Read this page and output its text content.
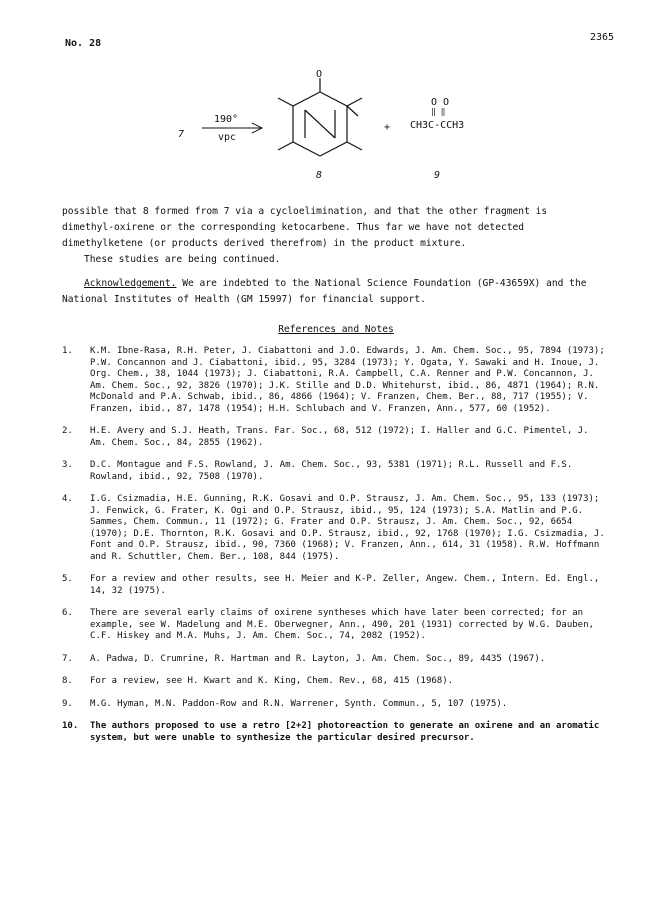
No. 28
2365
7
190°
vpc
O
8
+
O O
‖ ‖
CH3C-CCH3
9
possible that 8 formed from 7 via a cycloelimination, and that the other fragment is dimethyl-oxirene or the corresponding ketocarbene. Thus far we have not detected dimethylketene (or products derived therefrom) in the product mixture.
These studies are being continued.
Acknowledgement. We are indebted to the National Science Foundation (GP-43659X) and the National Institutes of Health (GM 15997) for financial support.
References and Notes
1.	K.M. Ibne-Rasa, R.H. Peter, J. Ciabattoni and J.O. Edwards, J. Am. Chem. Soc., 95, 7894 (1973); P.W. Concannon and J. Ciabattoni, ibid., 95, 3284 (1973); Y. Ogata, Y. Sawaki and H. Inoue, J. Org. Chem., 38, 1044 (1973); J. Ciabattoni, R.A. Campbell, C.A. Renner and P.W. Concannon, J. Am. Chem. Soc., 92, 3826 (1970); J.K. Stille and D.D. Whitehurst, ibid., 86, 4871 (1964); R.N. McDonald and P.A. Schwab, ibid., 86, 4866 (1964); V. Franzen, Chem. Ber., 88, 717 (1955); V. Franzen, ibid., 87, 1478 (1954); H.H. Schlubach and V. Franzen, Ann., 577, 60 (1952).
2.	H.E. Avery and S.J. Heath, Trans. Far. Soc., 68, 512 (1972); I. Haller and G.C. Pimentel, J. Am. Chem. Soc., 84, 2855 (1962).
3.	D.C. Montague and F.S. Rowland, J. Am. Chem. Soc., 93, 5381 (1971); R.L. Russell and F.S. Rowland, ibid., 92, 7508 (1970).
4.	I.G. Csizmadia, H.E. Gunning, R.K. Gosavi and O.P. Strausz, J. Am. Chem. Soc., 95, 133 (1973); J. Fenwick, G. Frater, K. Ogi and O.P. Strausz, ibid., 95, 124 (1973); S.A. Matlin and P.G. Sammes, Chem. Commun., 11 (1972); G. Frater and O.P. Strausz, J. Am. Chem. Soc., 92, 6654 (1970); D.E. Thornton, R.K. Gosavi and O.P. Strausz, ibid., 92, 1768 (1970); I.G. Csizmadia, J. Font and O.P. Strausz, ibid., 90, 7360 (1968); V. Franzen, Ann., 614, 31 (1958). R.W. Hoffmann and R. Schuttler, Chem. Ber., 108, 844 (1975).
5.	For a review and other results, see H. Meier and K-P. Zeller, Angew. Chem., Intern. Ed. Engl., 14, 32 (1975).
6.	There are several early claims of oxirene syntheses which have later been corrected; for an example, see W. Madelung and M.E. Oberwegner, Ann., 490, 201 (1931) corrected by W.G. Dauben, C.F. Hiskey and M.A. Muhs, J. Am. Chem. Soc., 74, 2082 (1952).
7.	A. Padwa, D. Crumrine, R. Hartman and R. Layton, J. Am. Chem. Soc., 89, 4435 (1967).
8.	For a review, see H. Kwart and K. King, Chem. Rev., 68, 415 (1968).
9.	M.G. Hyman, M.N. Paddon-Row and R.N. Warrener, Synth. Commun., 5, 107 (1975).
10.	The authors proposed to use a retro [2+2] photoreaction to generate an oxirene and an aromatic system, but were unable to synthesize the particular desired precursor.
